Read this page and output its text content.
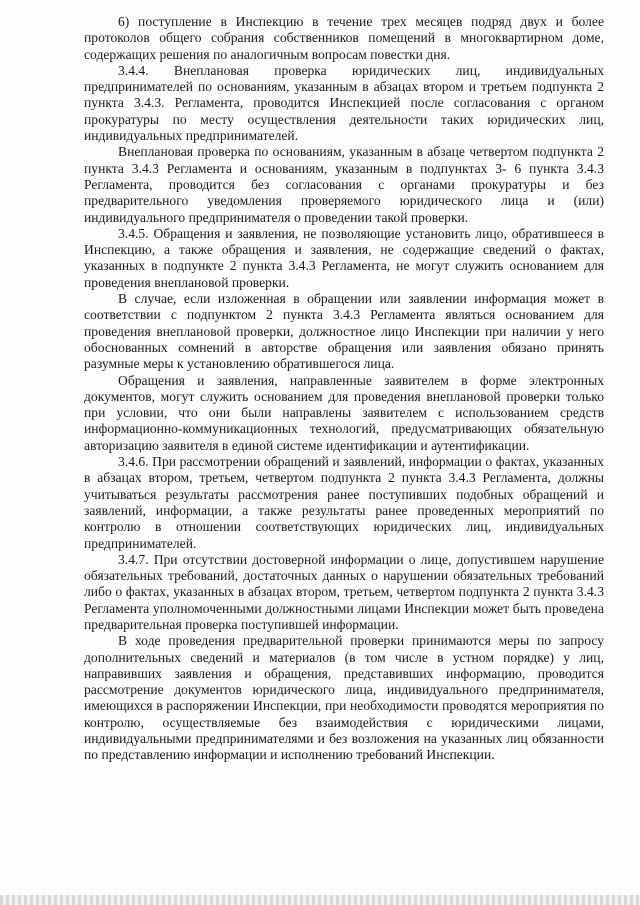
6) поступление в Инспекцию в течение трех месяцев подряд двух и более протоколов общего собрания собственников помещений в многоквартирном доме, содержащих решения по аналогичным вопросам повестки дня.

3.4.4. Внеплановая проверка юридических лиц, индивидуальных предпринимателей по основаниям, указанным в абзацах втором и третьем подпункта 2 пункта 3.4.3. Регламента, проводится Инспекцией после согласования с органом прокуратуры по месту осуществления деятельности таких юридических лиц, индивидуальных предпринимателей.

Внеплановая проверка по основаниям, указанным в абзаце четвертом подпункта 2 пункта 3.4.3 Регламента и основаниям, указанным в подпунктах 3- 6 пункта 3.4.3 Регламента, проводится без согласования с органами прокуратуры и без предварительного уведомления проверяемого юридического лица и (или) индивидуального предпринимателя о проведении такой проверки.

3.4.5. Обращения и заявления, не позволяющие установить лицо, обратившееся в Инспекцию, а также обращения и заявления, не содержащие сведений о фактах, указанных в подпункте 2 пункта 3.4.3 Регламента, не могут служить основанием для проведения внеплановой проверки.

В случае, если изложенная в обращении или заявлении информация может в соответствии с подпунктом 2 пункта 3.4.3 Регламента являться основанием для проведения внеплановой проверки, должностное лицо Инспекции при наличии у него обоснованных сомнений в авторстве обращения или заявления обязано принять разумные меры к установлению обратившегося лица.

Обращения и заявления, направленные заявителем в форме электронных документов, могут служить основанием для проведения внеплановой проверки только при условии, что они были направлены заявителем с использованием средств информационно-коммуникационных технологий, предусматривающих обязательную авторизацию заявителя в единой системе идентификации и аутентификации.

3.4.6. При рассмотрении обращений и заявлений, информации о фактах, указанных в абзацах втором, третьем, четвертом подпункта 2 пункта 3.4.3 Регламента, должны учитываться результаты рассмотрения ранее поступивших подобных обращений и заявлений, информации, а также результаты ранее проведенных мероприятий по контролю в отношении соответствующих юридических лиц, индивидуальных предпринимателей.

3.4.7. При отсутствии достоверной информации о лице, допустившем нарушение обязательных требований, достаточных данных о нарушении обязательных требований либо о фактах, указанных в абзацах втором, третьем, четвертом подпункта 2 пункта 3.4.3 Регламента уполномоченными должностными лицами Инспекции может быть проведена предварительная проверка поступившей информации.

В ходе проведения предварительной проверки принимаются меры по запросу дополнительных сведений и материалов (в том числе в устном порядке) у лиц, направивших заявления и обращения, представивших информацию, проводится рассмотрение документов юридического лица, индивидуального предпринимателя, имеющихся в распоряжении Инспекции, при необходимости проводятся мероприятия по контролю, осуществляемые без взаимодействия с юридическими лицами, индивидуальными предпринимателями и без возложения на указанных лиц обязанности по представлению информации и исполнению требований Инспекции.
